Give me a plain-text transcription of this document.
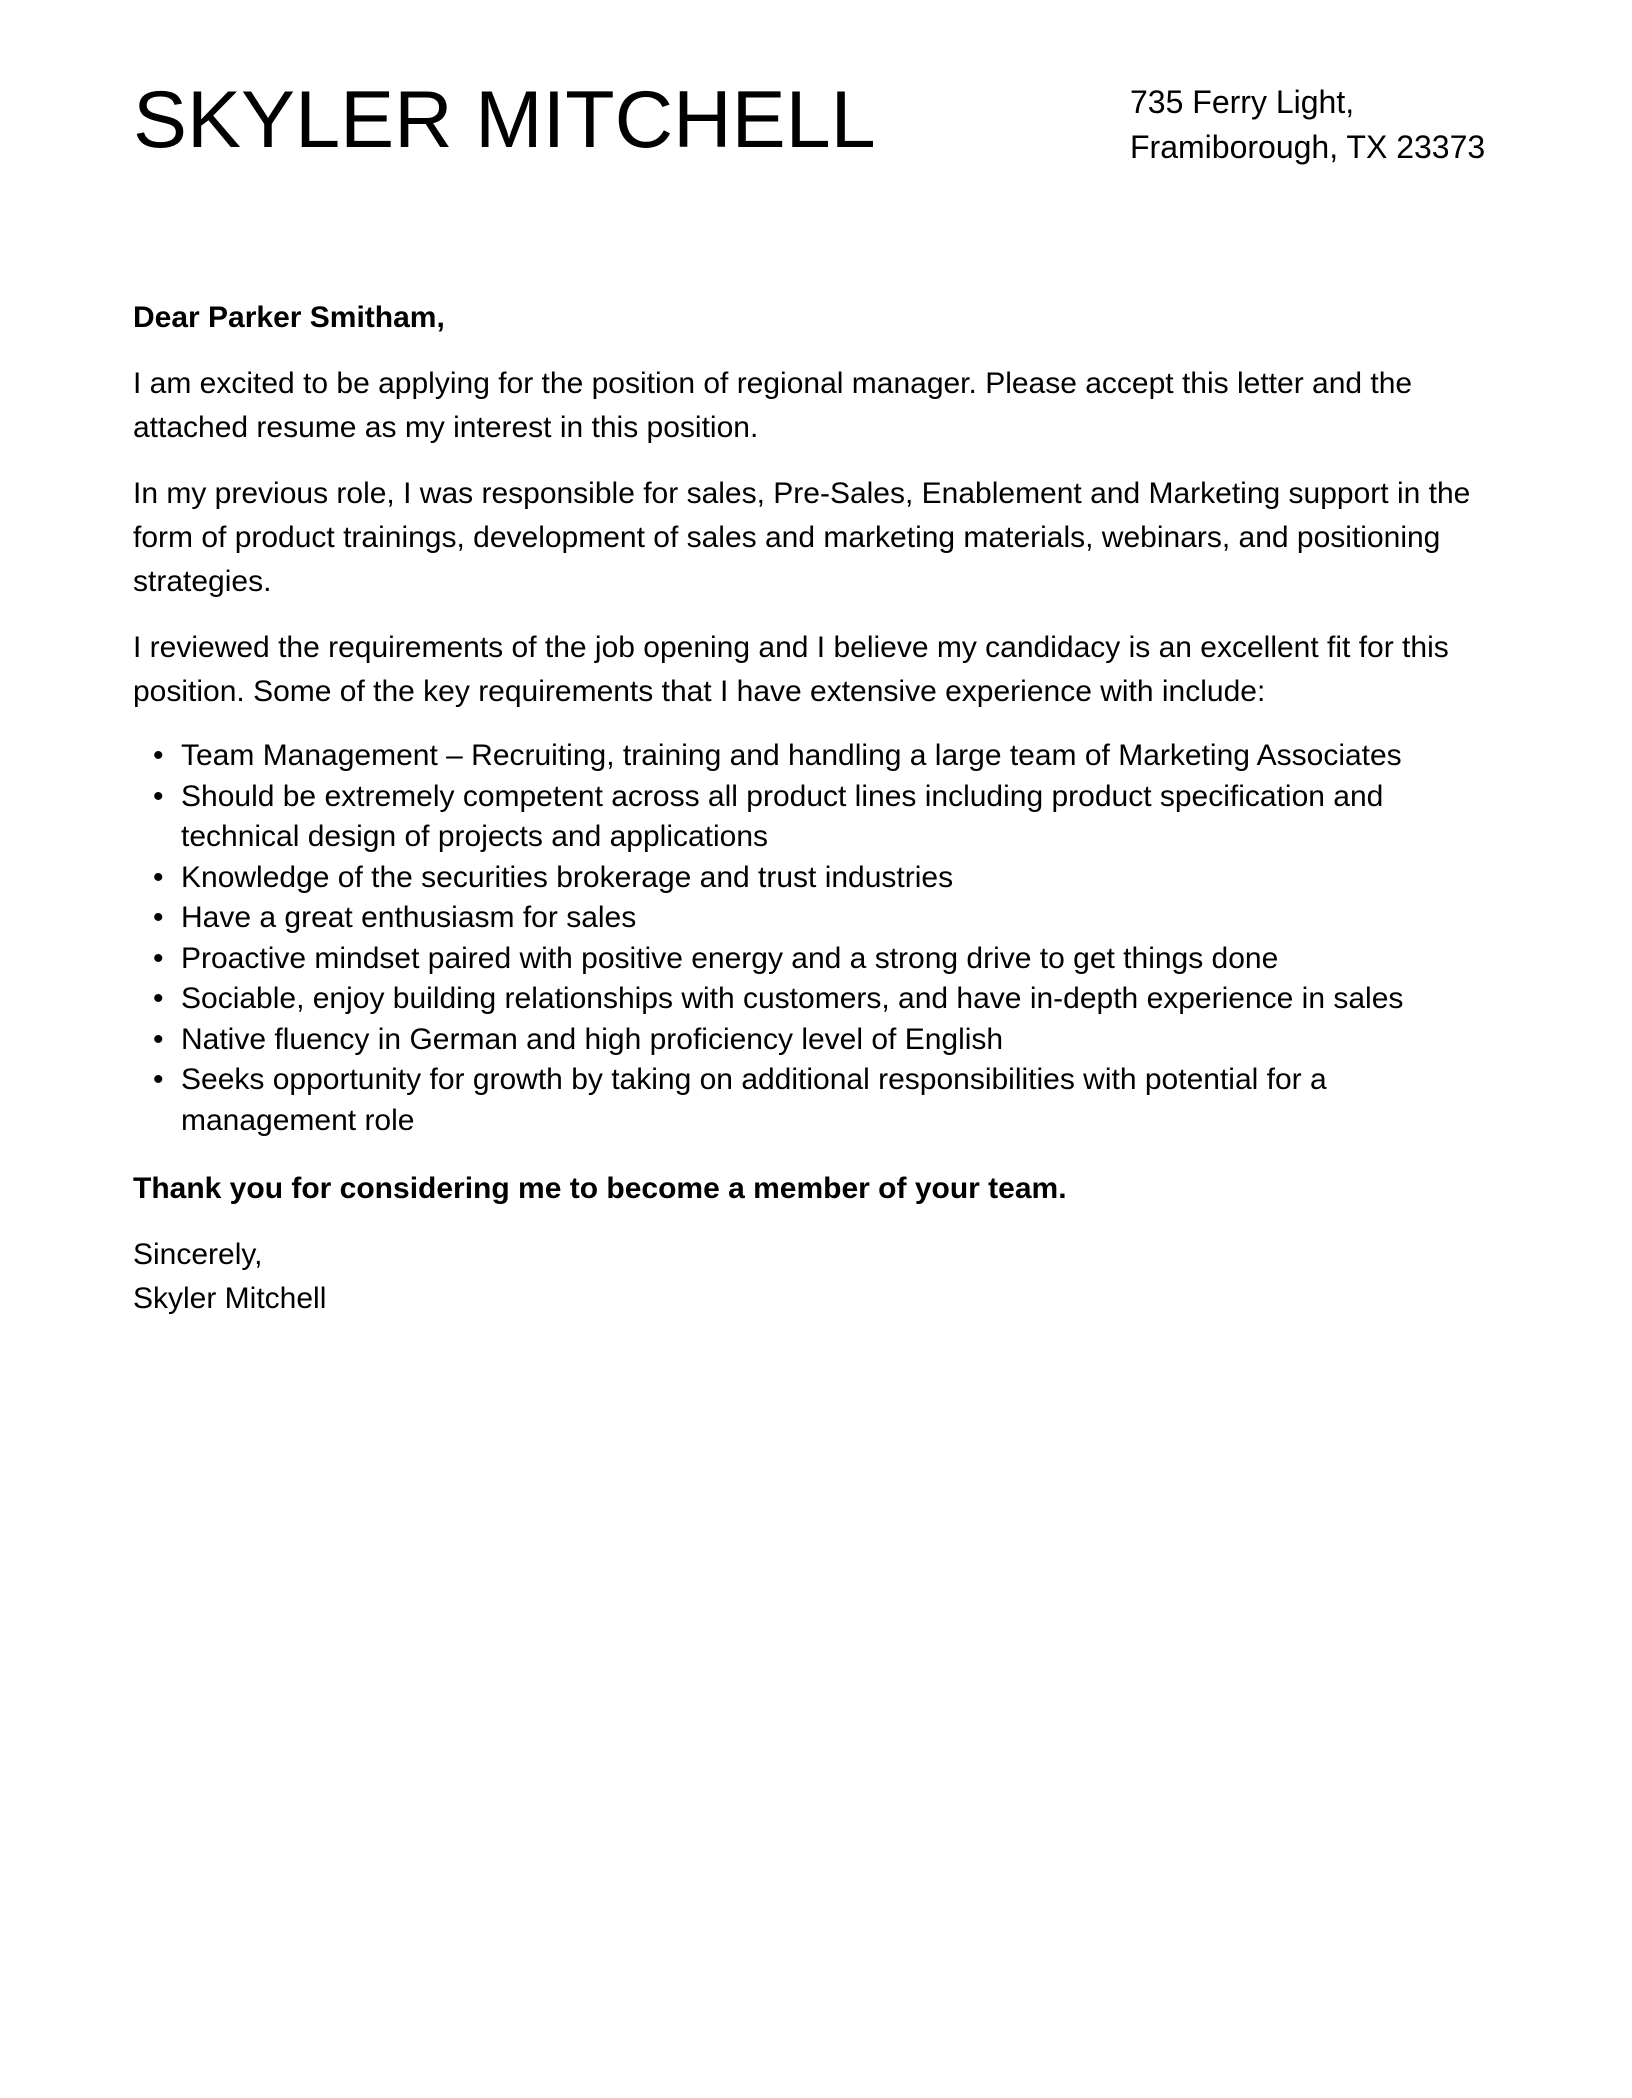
SKYLER MITCHELL	735 Ferry Light,
Framiborough, TX 23373

Dear Parker Smitham,

I am excited to be applying for the position of regional manager. Please accept this letter and the attached resume as my interest in this position.

In my previous role, I was responsible for sales, Pre-Sales, Enablement and Marketing support in the form of product trainings, development of sales and marketing materials, webinars, and positioning strategies.

I reviewed the requirements of the job opening and I believe my candidacy is an excellent fit for this position. Some of the key requirements that I have extensive experience with include:

• Team Management – Recruiting, training and handling a large team of Marketing Associates
• Should be extremely competent across all product lines including product specification and technical design of projects and applications
• Knowledge of the securities brokerage and trust industries
• Have a great enthusiasm for sales
• Proactive mindset paired with positive energy and a strong drive to get things done
• Sociable, enjoy building relationships with customers, and have in-depth experience in sales
• Native fluency in German and high proficiency level of English
• Seeks opportunity for growth by taking on additional responsibilities with potential for a management role

Thank you for considering me to become a member of your team.

Sincerely,
Skyler Mitchell
